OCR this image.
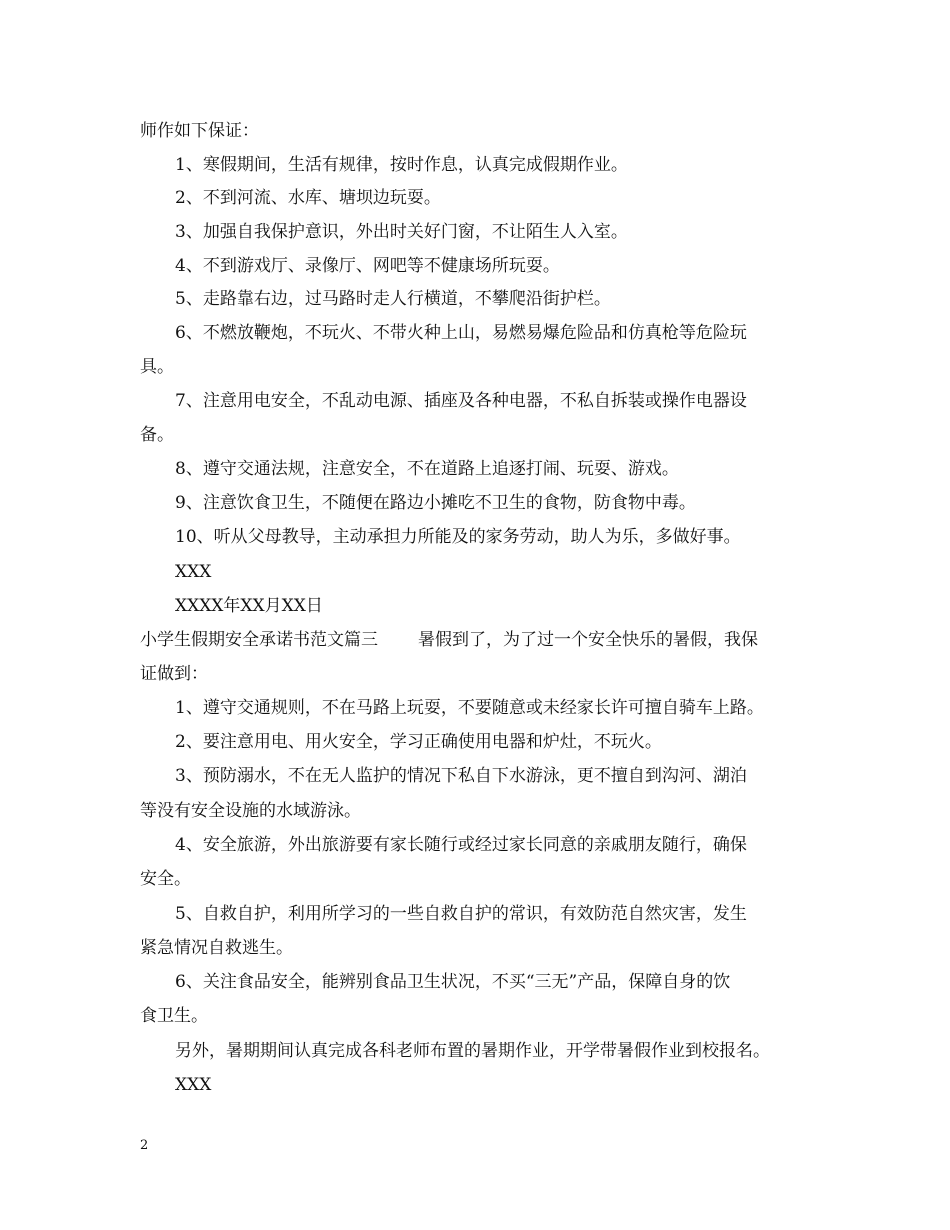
师作如下保证：
1、寒假期间，生活有规律，按时作息，认真完成假期作业。
2、不到河流、水库、塘坝边玩耍。
3、加强自我保护意识，外出时关好门窗，不让陌生人入室。
4、不到游戏厅、录像厅、网吧等不健康场所玩耍。
5、走路靠右边，过马路时走人行横道，不攀爬沿街护栏。
6、不燃放鞭炮，不玩火、不带火种上山，易燃易爆危险品和仿真枪等危险玩
具。
7、注意用电安全，不乱动电源、插座及各种电器，不私自拆装或操作电器设
备。
8、遵守交通法规，注意安全，不在道路上追逐打闹、玩耍、游戏。
9、注意饮食卫生，不随便在路边小摊吃不卫生的食物，防食物中毒。
10、听从父母教导，主动承担力所能及的家务劳动，助人为乐，多做好事。
XXX
XXXX年XX月XX日
小学生假期安全承诺书范文篇三 暑假到了，为了过一个安全快乐的暑假，我保
证做到：
1、遵守交通规则，不在马路上玩耍，不要随意或未经家长许可擅自骑车上路。
2、要注意用电、用火安全，学习正确使用电器和炉灶，不玩火。
3、预防溺水，不在无人监护的情况下私自下水游泳，更不擅自到沟河、湖泊
等没有安全设施的水域游泳。
4、安全旅游，外出旅游要有家长随行或经过家长同意的亲戚朋友随行，确保
安全。
5、自救自护，利用所学习的一些自救自护的常识，有效防范自然灾害，发生
紧急情况自救逃生。
6、关注食品安全，能辨别食品卫生状况，不买“三无”产品，保障自身的饮
食卫生。
另外，暑期期间认真完成各科老师布置的暑期作业，开学带暑假作业到校报名。
XXX
2
